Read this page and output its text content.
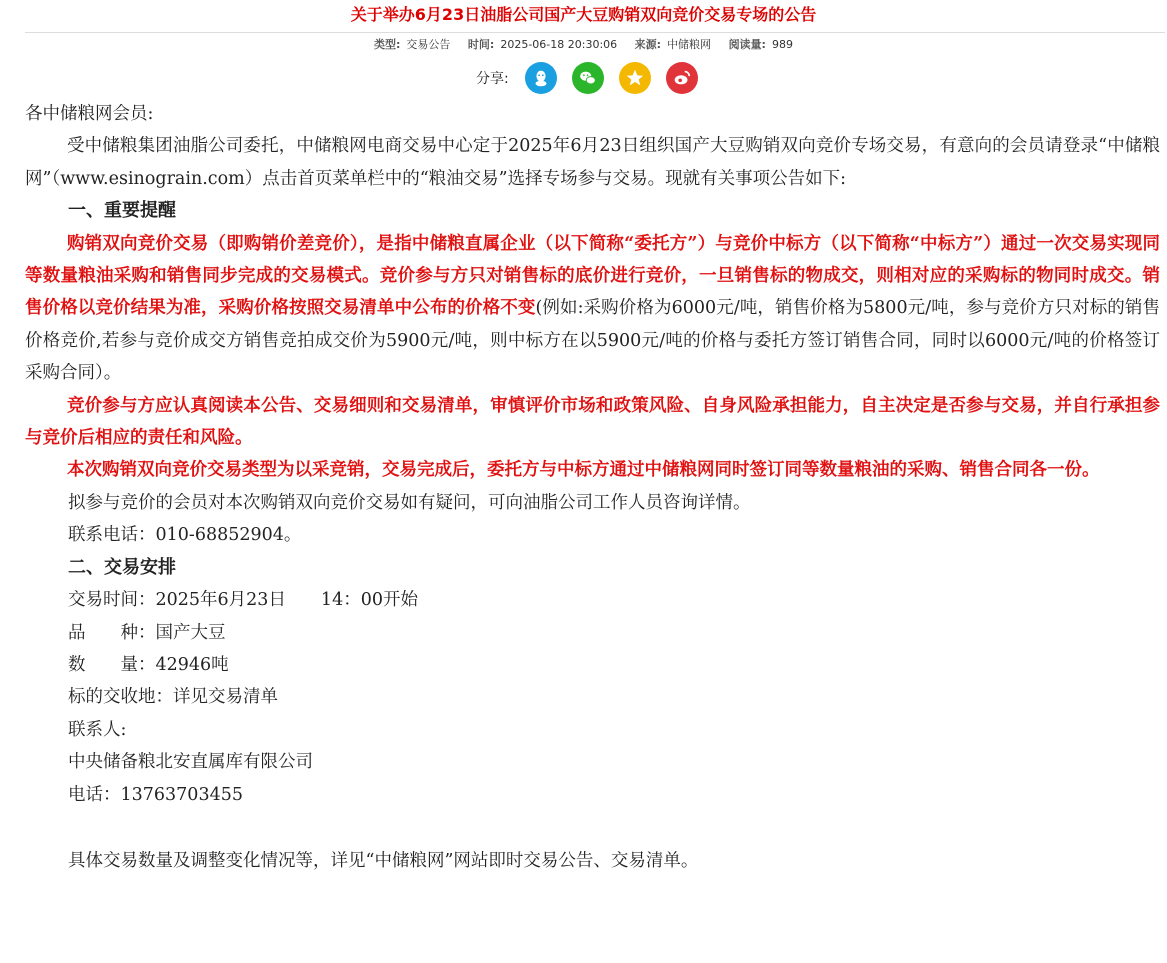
关于举办6月23日油脂公司国产大豆购销双向竞价交易专场的公告
类型: 交易公告 时间: 2025-06-18 20:30:06 来源: 中储粮网 阅读量: 989
分享:

各中储粮网会员:

受中储粮集团油脂公司委托，中储粮网电商交易中心定于2025年6月23日组织国产大豆购销双向竞价专场交易，有意向的会员请登录“中储粮网”（www.esinograin.com）点击首页菜单栏中的“粮油交易”选择专场参与交易。现就有关事项公告如下:

一、重要提醒

购销双向竞价交易（即购销价差竞价），是指中储粮直属企业（以下简称“委托方”）与竞价中标方（以下简称“中标方”）通过一次交易实现同等数量粮油采购和销售同步完成的交易模式。竞价参与方只对销售标的底价进行竞价，一旦销售标的物成交，则相对应的采购标的物同时成交。销售价格以竞价结果为准，采购价格按照交易清单中公布的价格不变(例如:采购价格为6000元/吨，销售价格为5800元/吨，参与竞价方只对标的销售价格竞价,若参与竞价成交方销售竞拍成交价为5900元/吨，则中标方在以5900元/吨的价格与委托方签订销售合同，同时以6000元/吨的价格签订采购合同）。

竞价参与方应认真阅读本公告、交易细则和交易清单，审慎评价市场和政策风险、自身风险承担能力，自主决定是否参与交易，并自行承担参与竞价后相应的责任和风险。

本次购销双向竞价交易类型为以采竞销，交易完成后，委托方与中标方通过中储粮网同时签订同等数量粮油的采购、销售合同各一份。

拟参与竞价的会员对本次购销双向竞价交易如有疑问，可向油脂公司工作人员咨询详情。

联系电话：010-68852904。

二、交易安排

交易时间：2025年6月23日　　14：00开始

品　　种：国产大豆

数　　量：42946吨

标的交收地：详见交易清单

联系人:

中央储备粮北安直属库有限公司

电话：13763703455

具体交易数量及调整变化情况等，详见“中储粮网”网站即时交易公告、交易清单。
